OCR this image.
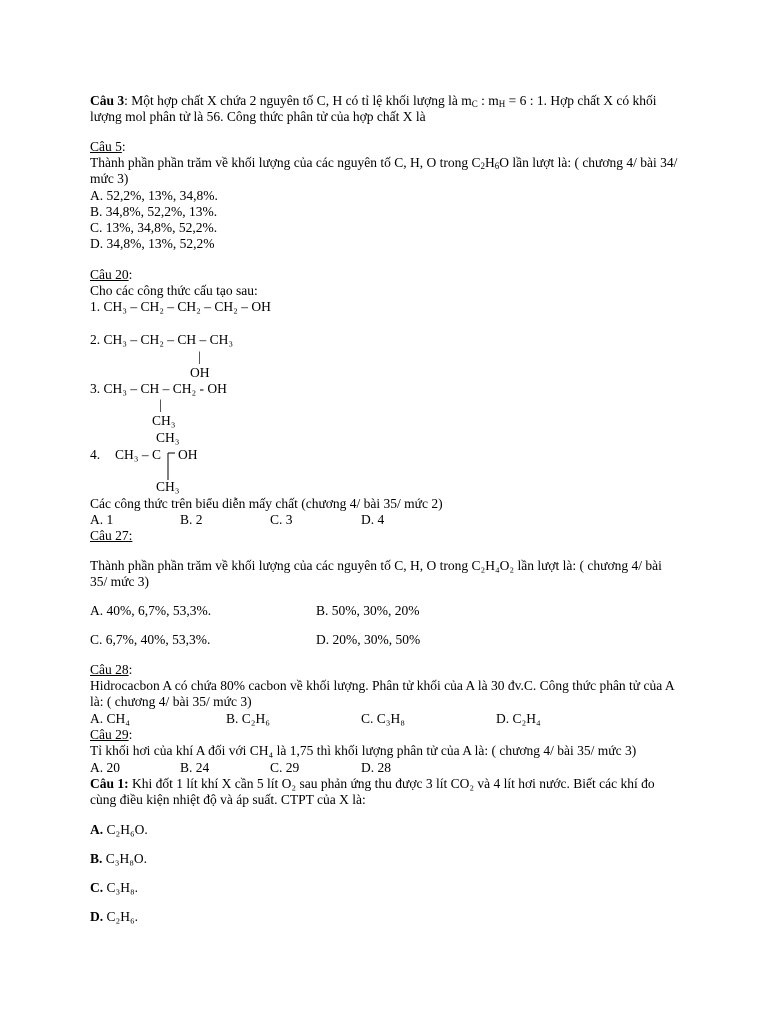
Câu 3: Một hợp chất X chứa 2 nguyên tố C, H có tỉ lệ khối lượng là $m_C$ : $m_H = 6$ : 1. Hợp chất X có khối lượng mol phân tử là 56. Công thức phân tử của hợp chất X là
Câu 5:
Thành phần phần trăm về khối lượng của các nguyên tố C, H, O trong $C_2H_6O$ lần lượt là: ( chương 4/ bài 34/ mức 3)
A. 52,2%, 13%, 34,8%.
B. 34,8%, 52,2%, 13%.
C. 13%, 34,8%, 52,2%.
D. 34,8%, 13%, 52,2%
Câu 20:
Cho các công thức cấu tạo sau:
1. CH₃ – CH₂ – CH₂ – CH₂ – OH
2. CH₃ – CH₂ – CH – CH₃
|
OH
3. CH₃ – CH – CH₂ - OH
|
CH₃
CH₃
4. CH₃ – C OH
CH₃
Các công thức trên biểu diễn mấy chất (chương 4/ bài 35/ mức 2)
A. 1	B. 2	C. 3	D. 4
Câu 27:
Thành phần phần trăm về khối lượng của các nguyên tố C, H, O trong C₂H₄O₂ lần lượt là: ( chương 4/ bài 35/ mức 3)
A. 40%, 6,7%, 53,3%.	B. 50%, 30%, 20%
C. 6,7%, 40%, 53,3%.	D. 20%, 30%, 50%
Câu 28:
Hidrocacbon A có chứa 80% cacbon về khối lượng. Phân tử khối của A là 30 đv.C. Công thức phân tử của A là: ( chương 4/ bài 35/ mức 3)
A. CH₄	B. C₂H₆	C. C₃H₈	D. C₂H₄
Câu 29:
Tỉ khối hơi của khí A đối với CH₄ là 1,75 thì khối lượng phân tử của A là: ( chương 4/ bài 35/ mức 3)
A. 20	B. 24	C. 29	D. 28
Câu 1: Khi đốt 1 lít khí X cần 5 lít O₂ sau phản ứng thu được 3 lít CO₂ và 4 lít hơi nước. Biết các khí đo cùng điều kiện nhiệt độ và áp suất. CTPT của X là:
A. C₂H₆O.
B. C₃H₈O.
C. C₃H₈.
D. C₂H₆.
